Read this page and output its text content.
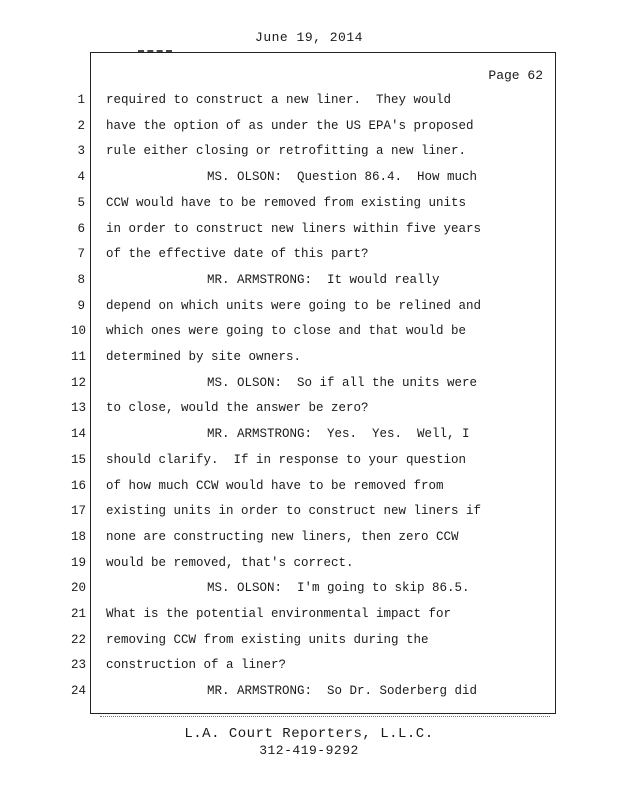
June 19, 2014
Page 62
1 required to construct a new liner.  They would
2 have the option of as under the US EPA's proposed
3 rule either closing or retrofitting a new liner.
4	MS. OLSON:  Question 86.4.  How much
5 CCW would have to be removed from existing units
6 in order to construct new liners within five years
7 of the effective date of this part?
8	MR. ARMSTRONG:  It would really
9 depend on which units were going to be relined and
10 which ones were going to close and that would be
11 determined by site owners.
12	MS. OLSON:  So if all the units were
13 to close, would the answer be zero?
14	MR. ARMSTRONG:  Yes.  Yes.  Well, I
15 should clarify.  If in response to your question
16 of how much CCW would have to be removed from
17 existing units in order to construct new liners if
18 none are constructing new liners, then zero CCW
19 would be removed, that's correct.
20	MS. OLSON:  I'm going to skip 86.5.
21 What is the potential environmental impact for
22 removing CCW from existing units during the
23 construction of a liner?
24	MR. ARMSTRONG:  So Dr. Soderberg did
L.A. Court Reporters, L.L.C.
312-419-9292
